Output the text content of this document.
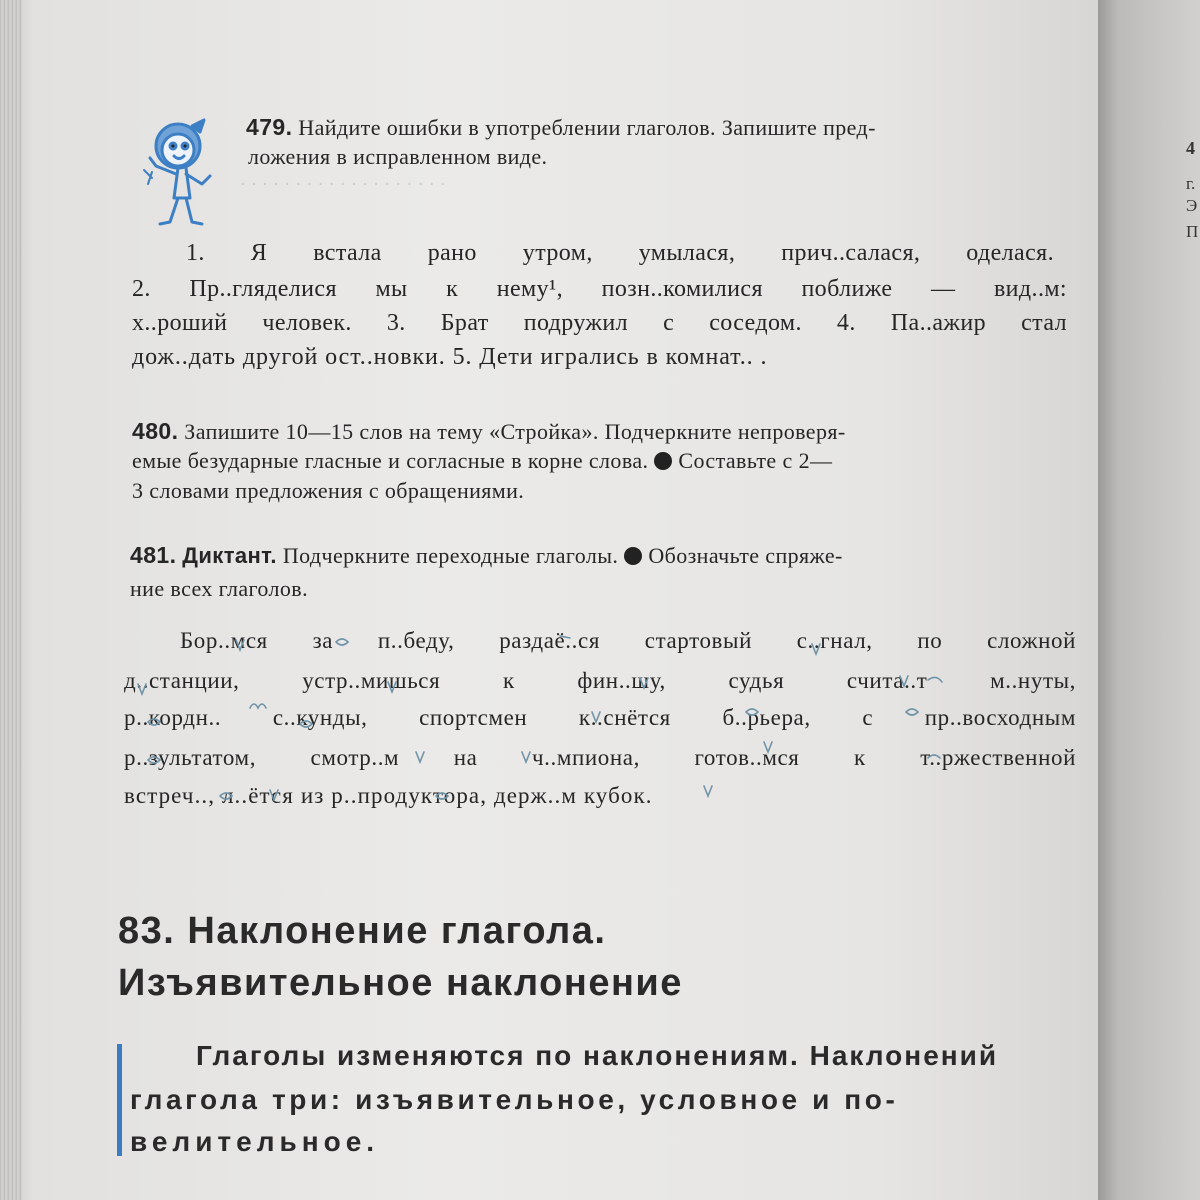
. . . . . . . . . . . . . . . . . . .
479. Найдите ошибки в употреблении глаголов. Запишите пред-
ложения в исправленном виде.
1. Я встала рано утром, умылася, прич..салася, оделася.
2. Пр..гляделися мы к нему¹, позн..комилися поближе — вид..м:
х..роший человек. 3. Брат подружил с соседом. 4. Па..ажир стал
дож..дать другой ост..новки. 5. Дети игрались в комнат.. .
480. Запишите 10—15 слов на тему «Стройка». Подчеркните непроверя-
емые безударные гласные и согласные в корне слова. Составьте с 2—
3 словами предложения с обращениями.
481. Диктант. Подчеркните переходные глаголы. Обозначьте спряже-
ние всех глаголов.
Бор..мся за п..беду, раздаё..ся стартовый с..гнал, по сложной
д..станции, устр..мишься к фин..шу, судья счита..т м..нуты,
р..кордн.. с..кунды, спортсмен к..снётся б..рьера, с пр..восходным
р..зультатом, смотр..м на ч..мпиона, готов..мся к т..ржественной
встреч.., л..ётся из р..продуктора, держ..м кубок.
83. Наклонение глагола.
Изъявительное наклонение
Глаголы изменяются по наклонениям. Наклонений
глагола три: изъявительное, условное и по-
велительное.
4
г.
Э
П
